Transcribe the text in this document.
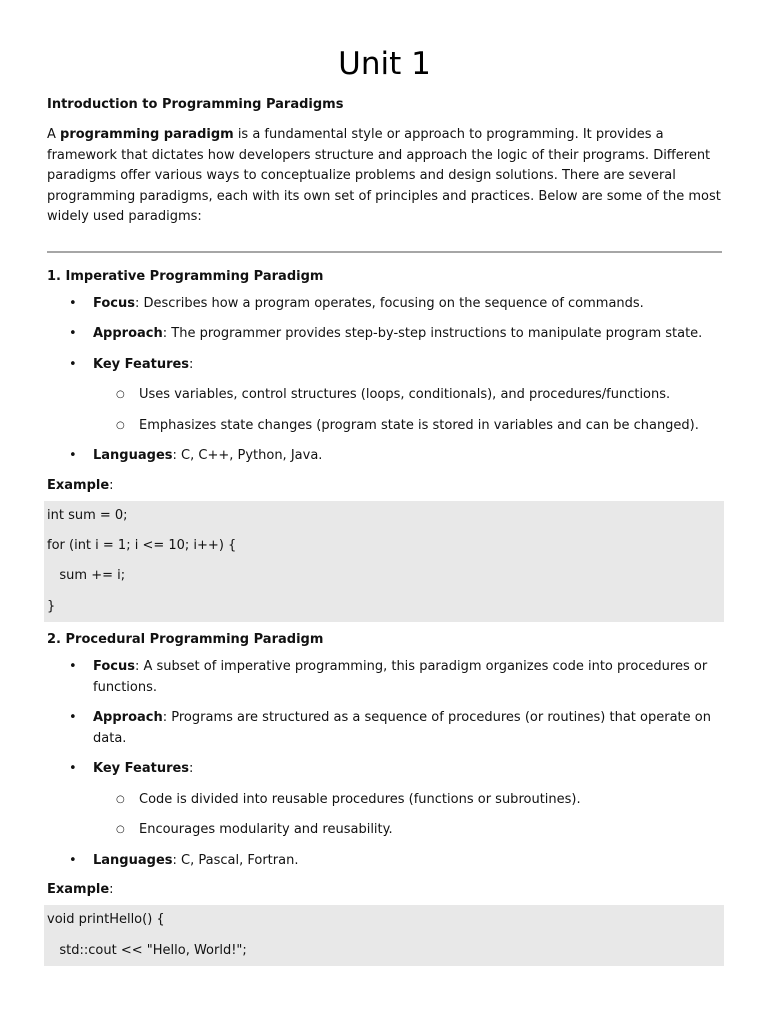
Unit 1
Introduction to Programming Paradigms

A programming paradigm is a fundamental style or approach to programming. It provides a framework that dictates how developers structure and approach the logic of their programs. Different paradigms offer various ways to conceptualize problems and design solutions. There are several programming paradigms, each with its own set of principles and practices. Below are some of the most widely used paradigms:

1. Imperative Programming Paradigm
• Focus: Describes how a program operates, focusing on the sequence of commands.
• Approach: The programmer provides step-by-step instructions to manipulate program state.
• Key Features:
○ Uses variables, control structures (loops, conditionals), and procedures/functions.
○ Emphasizes state changes (program state is stored in variables and can be changed).
• Languages: C, C++, Python, Java.
Example:
int sum = 0;
for (int i = 1; i <= 10; i++) {
sum += i;
}
2. Procedural Programming Paradigm
• Focus: A subset of imperative programming, this paradigm organizes code into procedures or functions.
• Approach: Programs are structured as a sequence of procedures (or routines) that operate on data.
• Key Features:
○ Code is divided into reusable procedures (functions or subroutines).
○ Encourages modularity and reusability.
• Languages: C, Pascal, Fortran.
Example:
void printHello() {
std::cout << "Hello, World!";
